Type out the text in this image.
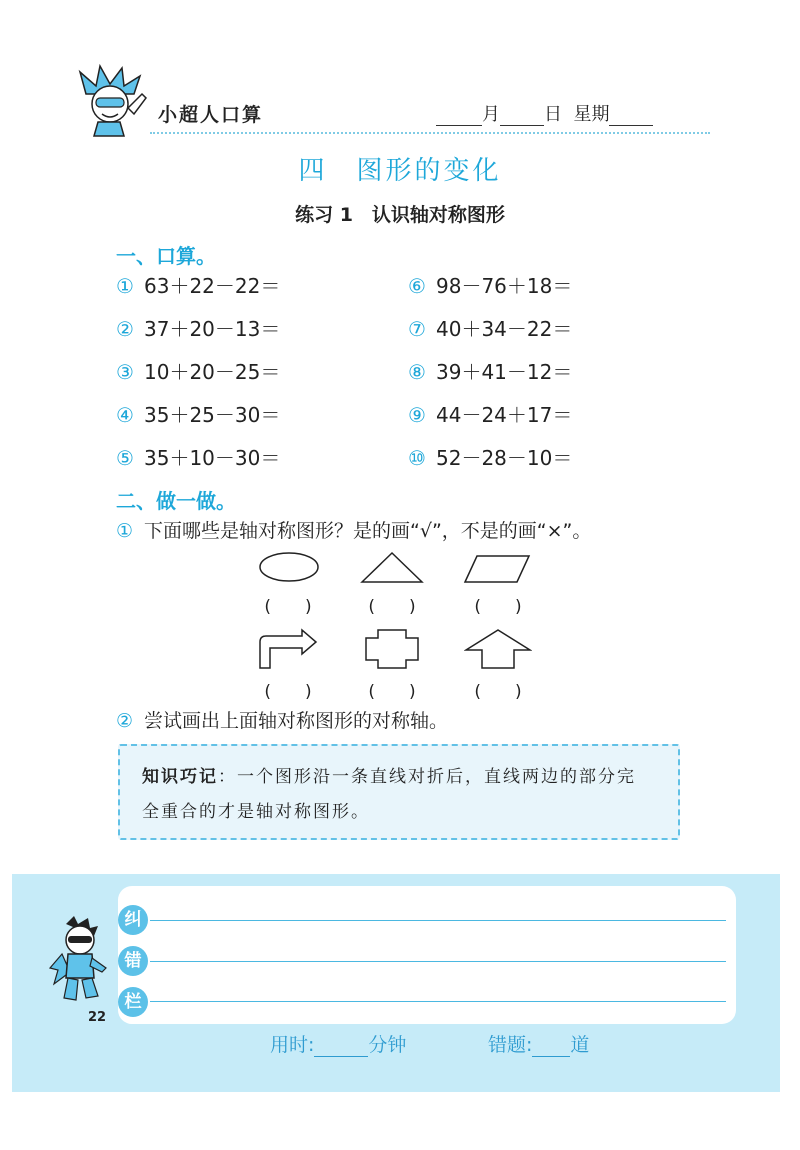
小超人口算	月 日 星期
四　图形的变化
练习 1　认识轴对称图形
一、口算。
① 63＋22－22＝
② 37＋20－13＝
③ 10＋20－25＝
④ 35＋25－30＝
⑤ 35＋10－30＝
⑥ 98－76＋18＝
⑦ 40＋34－22＝
⑧ 39＋41－12＝
⑨ 44－24＋17＝
⑩ 52－28－10＝
二、做一做。
① 下面哪些是轴对称图形？是的画“√”，不是的画“×”。
(　　)	(　　)	(　　)
(　　)	(　　)	(　　)
② 尝试画出上面轴对称图形的对称轴。
知识巧记：一个图形沿一条直线对折后，直线两边的部分完全重合的才是轴对称图形。
纠
错
栏
22
用时:	分钟	错题: 道
